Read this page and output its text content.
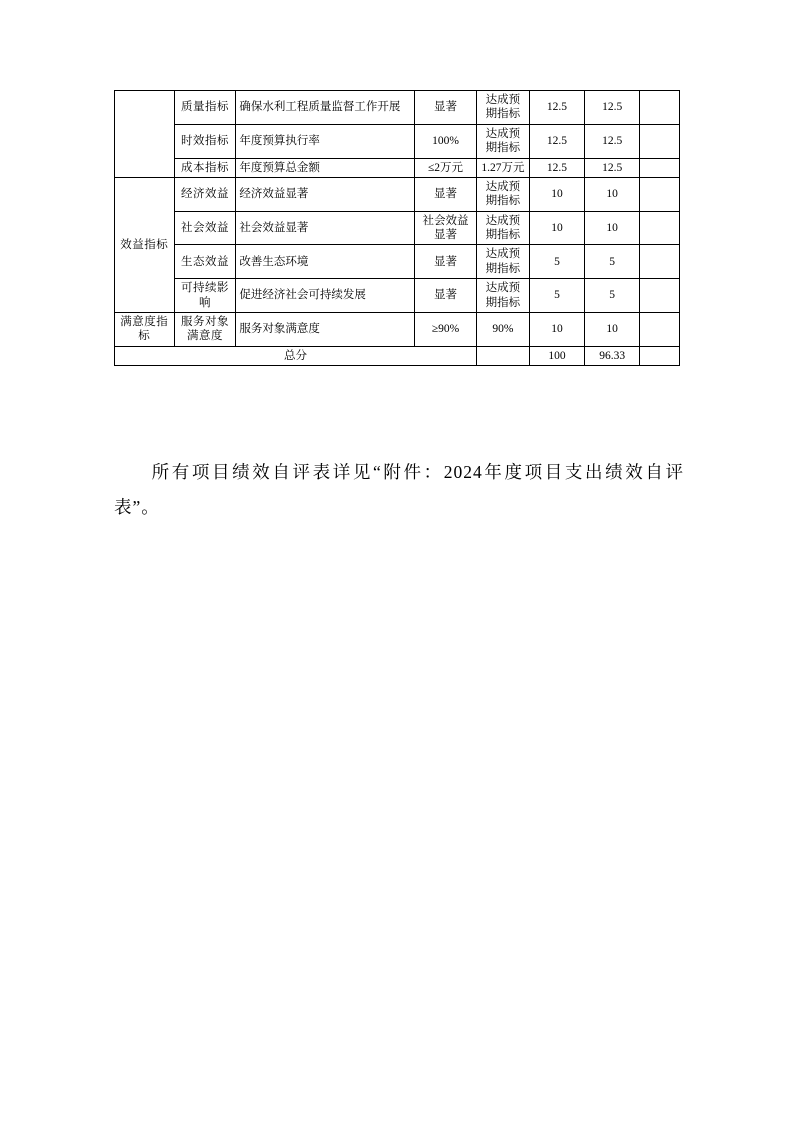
	质量指标	确保水利工程质量监督工作开展	显著	达成预期指标	12.5	12.5	
	时效指标	年度预算执行率	100%	达成预期指标	12.5	12.5	
	成本指标	年度预算总金额	≤2万元	1.27万元	12.5	12.5	
效益指标	经济效益	经济效益显著	显著	达成预期指标	10	10	
	社会效益	社会效益显著	社会效益显著	达成预期指标	10	10	
	生态效益	改善生态环境	显著	达成预期指标	5	5	
	可持续影响	促进经济社会可持续发展	显著	达成预期指标	5	5	
满意度指标	服务对象满意度	服务对象满意度	≥90%	90%	10	10	
总分					100	96.33	
所有项目绩效自评表详见“附件：2024年度项目支出绩效自评表”。
